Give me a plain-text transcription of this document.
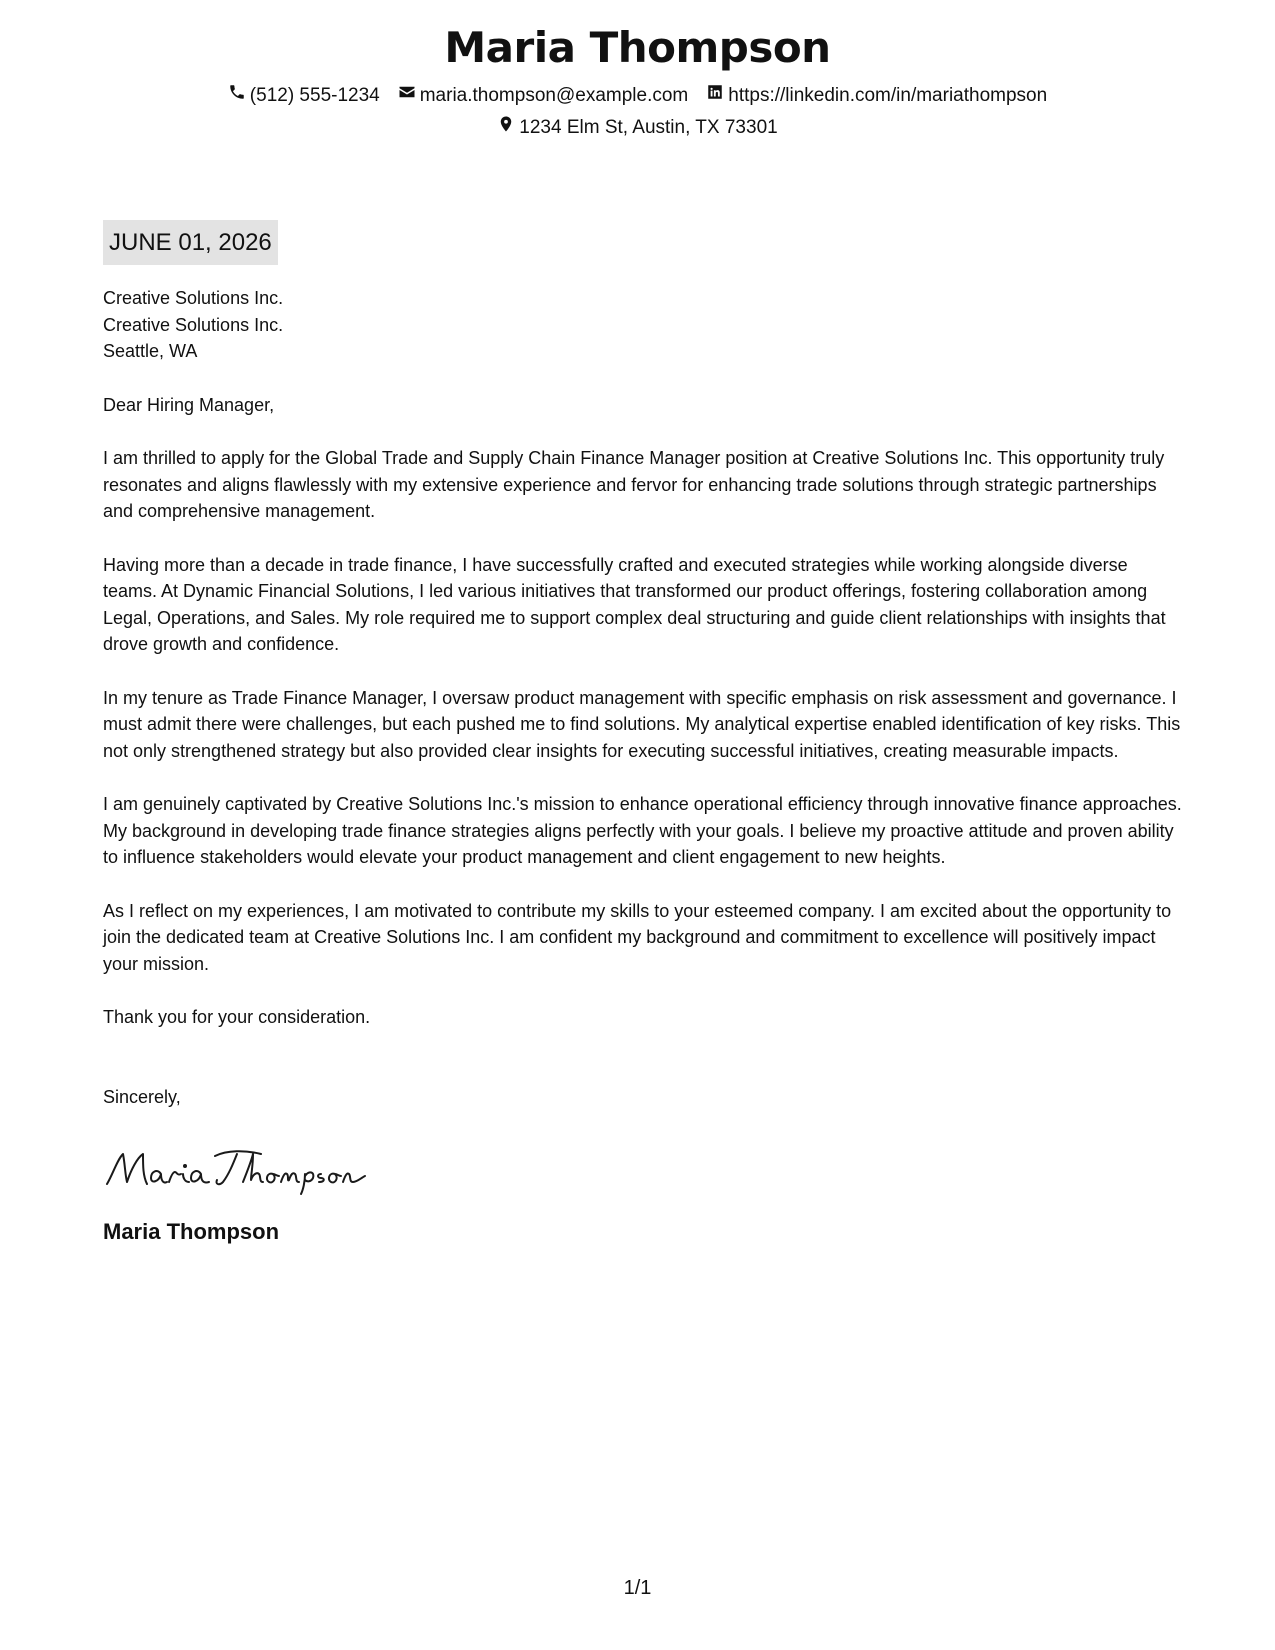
Maria Thompson
(512) 555-1234 maria.thompson@example.com https://linkedin.com/in/mariathompson
1234 Elm St, Austin, TX 73301
JUNE 01, 2026
Creative Solutions Inc.
Creative Solutions Inc.
Seattle, WA
Dear Hiring Manager,

I am thrilled to apply for the Global Trade and Supply Chain Finance Manager position at Creative Solutions Inc. This opportunity truly resonates and aligns flawlessly with my extensive experience and fervor for enhancing trade solutions through strategic partnerships and comprehensive management.

Having more than a decade in trade finance, I have successfully crafted and executed strategies while working alongside diverse teams. At Dynamic Financial Solutions, I led various initiatives that transformed our product offerings, fostering collaboration among Legal, Operations, and Sales. My role required me to support complex deal structuring and guide client relationships with insights that drove growth and confidence.

In my tenure as Trade Finance Manager, I oversaw product management with specific emphasis on risk assessment and governance. I must admit there were challenges, but each pushed me to find solutions. My analytical expertise enabled identification of key risks. This not only strengthened strategy but also provided clear insights for executing successful initiatives, creating measurable impacts.

I am genuinely captivated by Creative Solutions Inc.'s mission to enhance operational efficiency through innovative finance approaches. My background in developing trade finance strategies aligns perfectly with your goals. I believe my proactive attitude and proven ability to influence stakeholders would elevate your product management and client engagement to new heights.

As I reflect on my experiences, I am motivated to contribute my skills to your esteemed company. I am excited about the opportunity to join the dedicated team at Creative Solutions Inc. I am confident my background and commitment to excellence will positively impact your mission.

Thank you for your consideration.
Sincerely,
Maria Thompson
1/1
